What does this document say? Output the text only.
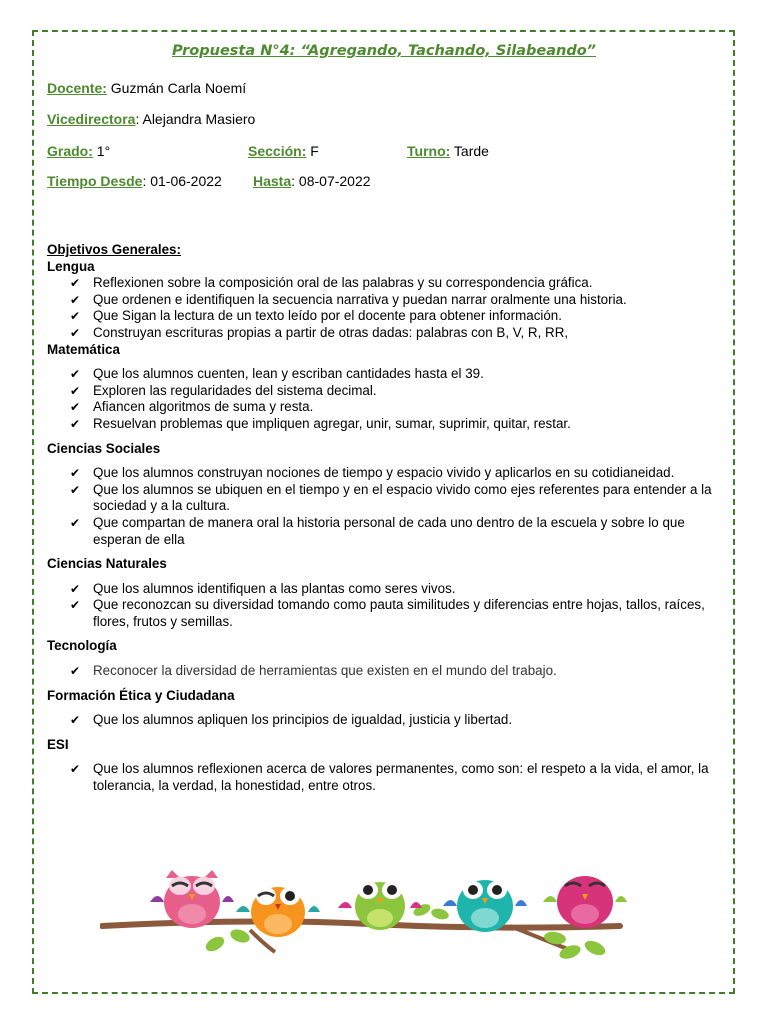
Propuesta N°4: “Agregando, Tachando, Silabeando”
Docente: Guzmán Carla Noemí
Vicedirectora: Alejandra Masiero
Grado: 1°	Sección: F	Turno: Tarde
Tiempo Desde: 01-06-2022 Hasta: 08-07-2022
Objetivos Generales:
Lengua
✔ Reflexionen sobre la composición oral de las palabras y su correspondencia gráfica.
✔ Que ordenen e identifiquen la secuencia narrativa y puedan narrar oralmente una historia.
✔ Que Sigan la lectura de un texto leído por el docente para obtener información.
✔ Construyan escrituras propias a partir de otras dadas: palabras con B, V, R, RR,
Matemática
✔ Que los alumnos cuenten, lean y escriban cantidades hasta el 39.
✔ Exploren las regularidades del sistema decimal.
✔ Afiancen algoritmos de suma y resta.
✔ Resuelvan problemas que impliquen agregar, unir, sumar, suprimir, quitar, restar.
Ciencias Sociales
✔ Que los alumnos construyan nociones de tiempo y espacio vivido y aplicarlos en su cotidianeidad.
✔ Que los alumnos se ubiquen en el tiempo y en el espacio vivido como ejes referentes para entender a la sociedad y a la cultura.
✔ Que compartan de manera oral la historia personal de cada uno dentro de la escuela y sobre lo que esperan de ella
Ciencias Naturales
✔ Que los alumnos identifiquen a las plantas como seres vivos.
✔ Que reconozcan su diversidad tomando como pauta similitudes y diferencias entre hojas, tallos, raíces, flores, frutos y semillas.
Tecnología
✔ Reconocer la diversidad de herramientas que existen en el mundo del trabajo.
Formación Ética y Ciudadana
✔ Que los alumnos apliquen los principios de igualdad, justicia y libertad.
ESI
✔ Que los alumnos reflexionen acerca de valores permanentes, como son: el respeto a la vida, el amor, la tolerancia, la verdad, la honestidad, entre otros.
